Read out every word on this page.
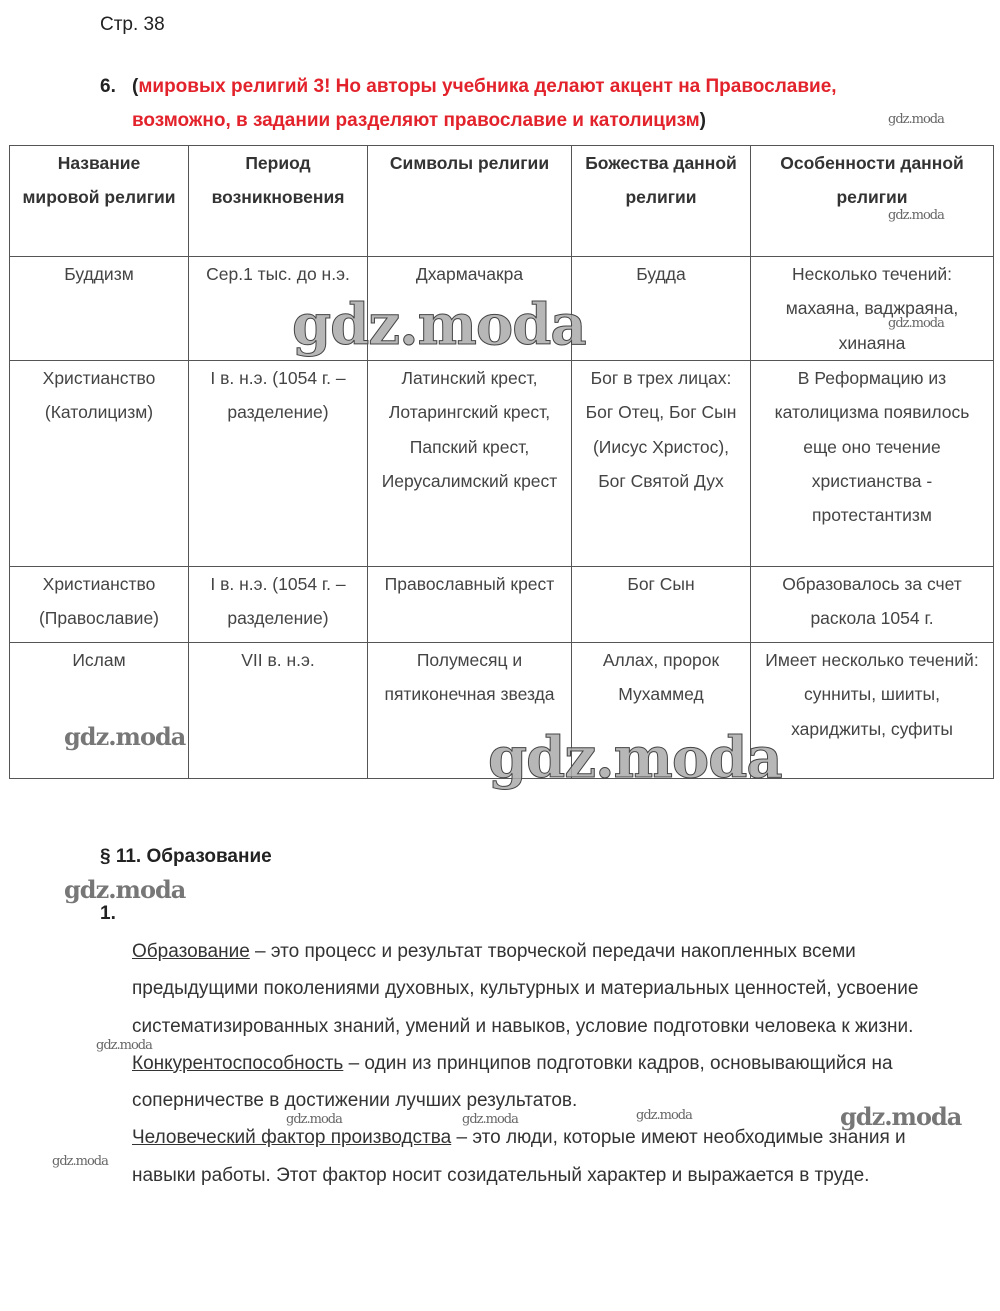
Стр. 38
6. (мировых религий 3! Но авторы учебника делают акцент на Православие,
возможно, в задании разделяют православие и католицизм)
Название мировой религии	Период возникновения	Символы религии	Божества данной религии	Особенности данной религии
Буддизм	Сер.1 тыс. до н.э.	Дхармачакра	Будда	Несколько течений: махаяна, ваджраяна, хинаяна
Христианство (Католицизм)	I в. н.э. (1054 г. – разделение)	Латинский крест, Лотарингский крест, Папский крест, Иерусалимский крест	Бог в трех лицах: Бог Отец, Бог Сын (Иисус Христос), Бог Святой Дух	В Реформацию из католицизма появилось еще оно течение христианства - протестантизм
Христианство (Православие)	I в. н.э. (1054 г. – разделение)	Православный крест	Бог Сын	Образовалось за счет раскола 1054 г.
Ислам	VII в. н.э.	Полумесяц и пятиконечная звезда	Аллах, пророк Мухаммед	Имеет несколько течений: сунниты, шииты, хариджиты, суфиты
§ 11. Образование
1.

Образование – это процесс и результат творческой передачи накопленных всеми предыдущими поколениями духовных, культурных и материальных ценностей, усвоение систематизированных знаний, умений и навыков, условие подготовки человека к жизни.

Конкурентоспособность – один из принципов подготовки кадров, основывающийся на соперничестве в достижении лучших результатов.

Человеческий фактор производства – это люди, которые имеют необходимые знания и навыки работы. Этот фактор носит созидательный характер и выражается в труде.

gdz.moda
gdz.moda
gdz.moda	gdz.moda
gdz.moda	gdz.moda
gdz.moda
gdz.moda
gdz.moda	gdz.moda	gdz.moda	gdz.moda
gdz.moda
